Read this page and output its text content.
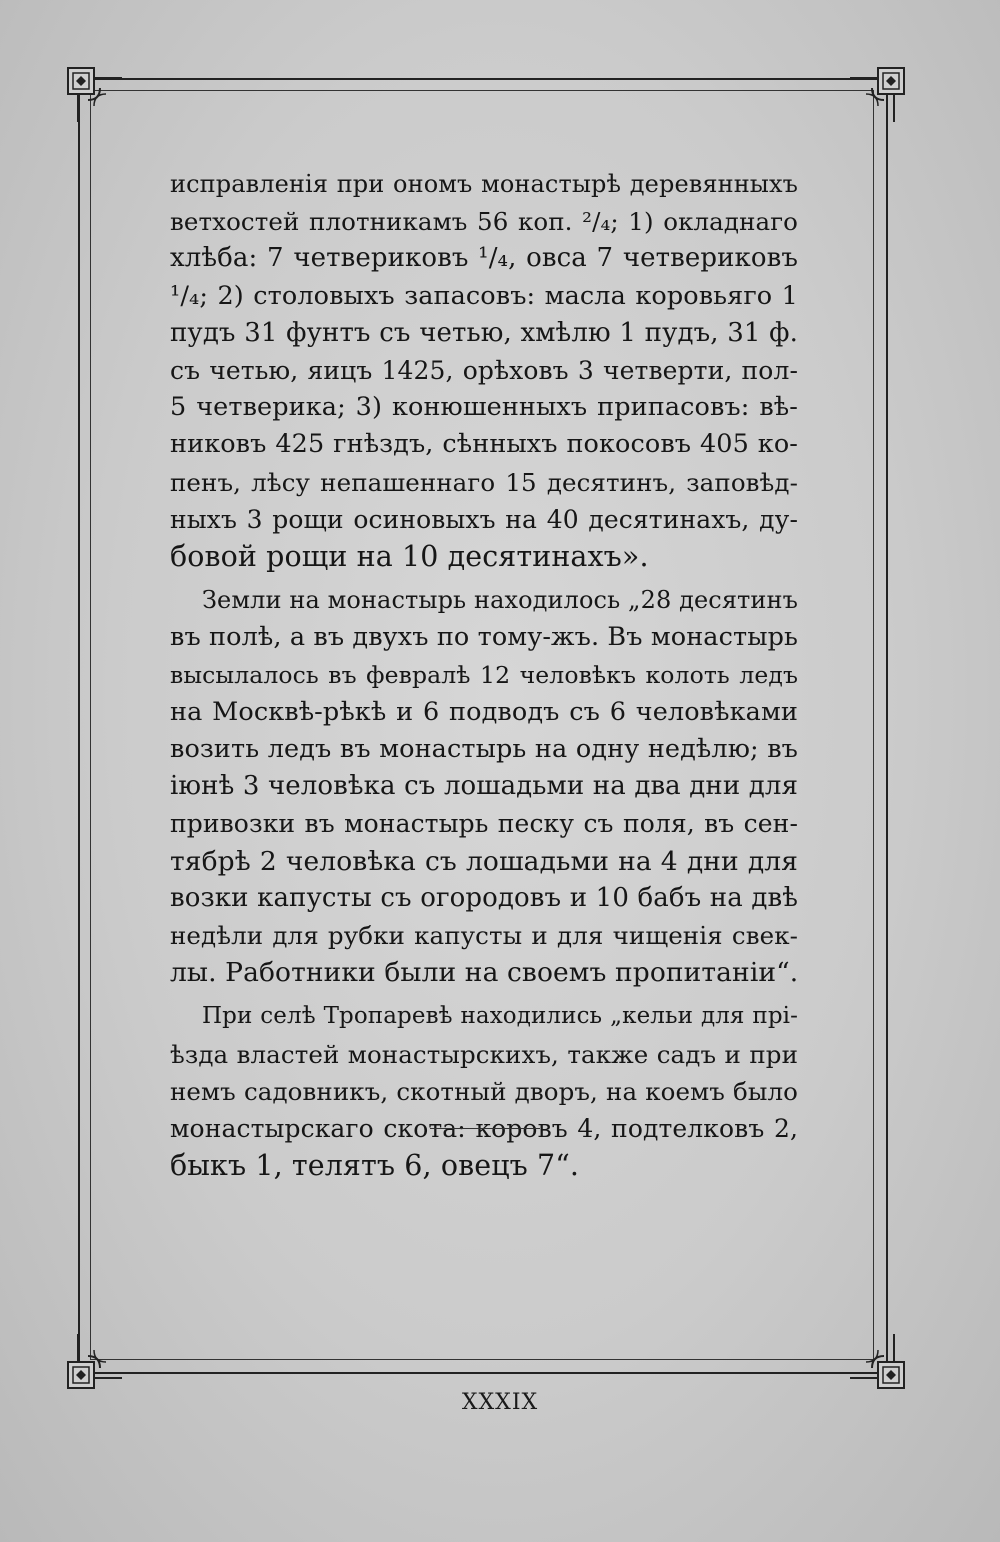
исправленія при ономъ монастырѣ деревянныхъ
ветхостей плотникамъ 56 коп. ²/₄; 1) окладнаго
хлѣба: 7 четвериковъ ¹/₄, овса 7 четвериковъ
¹/₄; 2) столовыхъ запасовъ: масла коровьяго 1
пудъ 31 фунтъ съ четью, хмѣлю 1 пудъ, 31 ф.
съ четью, яицъ 1425, орѣховъ 3 четверти, пол-
5 четверика; 3) конюшенныхъ припасовъ: вѣ-
никовъ 425 гнѣздъ, сѣнныхъ покосовъ 405 ко-
пенъ, лѣсу непашеннаго 15 десятинъ, заповѣд-
ныхъ 3 рощи осиновыхъ на 40 десятинахъ, ду-
бовой рощи на 10 десятинахъ».

Земли на монастырь находилось „28 десятинъ
въ полѣ, а въ двухъ по тому-жъ. Въ монастырь
высылалось въ февралѣ 12 человѣкъ колоть ледъ
на Москвѣ-рѣкѣ и 6 подводъ съ 6 человѣками
возить ледъ въ монастырь на одну недѣлю; въ
іюнѣ 3 человѣка съ лошадьми на два дни для
привозки въ монастырь песку съ поля, въ сен-
тябрѣ 2 человѣка съ лошадьми на 4 дни для
возки капусты съ огородовъ и 10 бабъ на двѣ
недѣли для рубки капусты и для чищенія свек-
лы. Работники были на своемъ пропитаніи“.

При селѣ Тропаревѣ находились „кельи для прі-
ѣзда властей монастырскихъ, также садъ и при
немъ садовникъ, скотный дворъ, на коемъ было
монастырскаго скота: коровъ 4, подтелковъ 2,
быкъ 1, телятъ 6, овецъ 7“.

XXXIX
